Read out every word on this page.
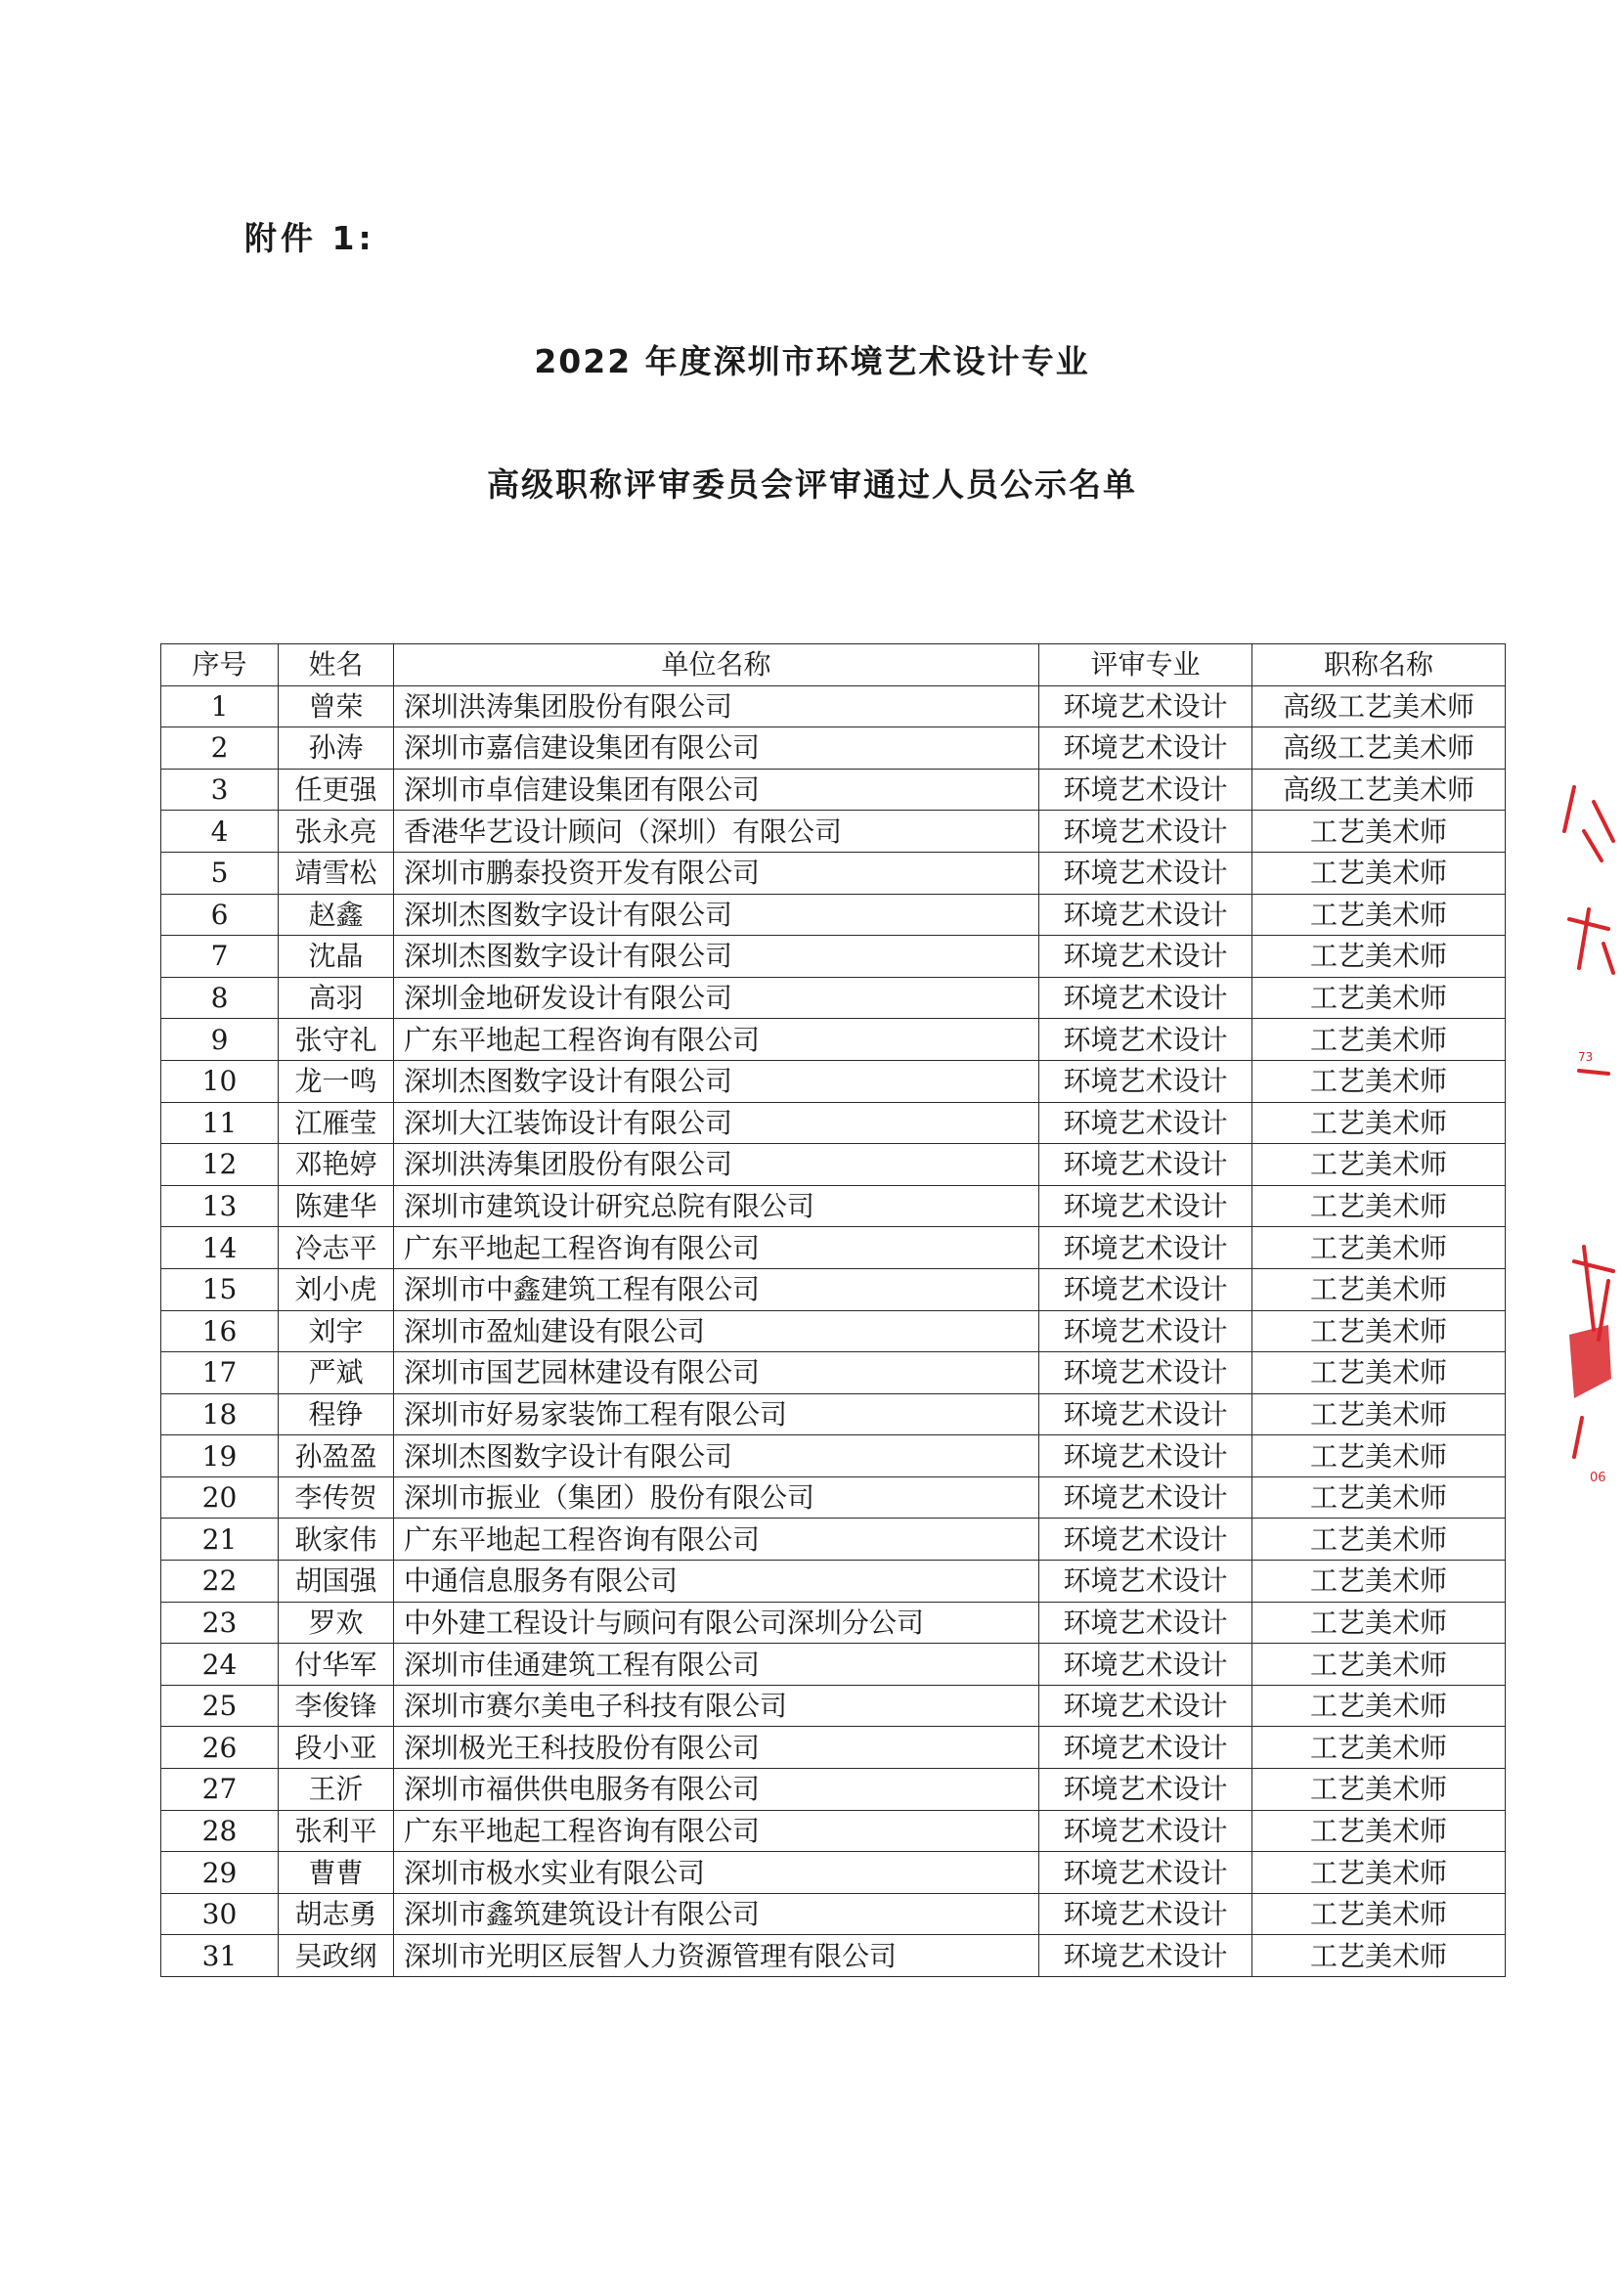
附件 1:
2022 年度深圳市环境艺术设计专业
高级职称评审委员会评审通过人员公示名单
序号	姓名	单位名称	评审专业	职称名称
1	曾荣	深圳洪涛集团股份有限公司	环境艺术设计	高级工艺美术师
2	孙涛	深圳市嘉信建设集团有限公司	环境艺术设计	高级工艺美术师
3	任更强	深圳市卓信建设集团有限公司	环境艺术设计	高级工艺美术师
4	张永亮	香港华艺设计顾问（深圳）有限公司	环境艺术设计	工艺美术师
5	靖雪松	深圳市鹏泰投资开发有限公司	环境艺术设计	工艺美术师
6	赵鑫	深圳杰图数字设计有限公司	环境艺术设计	工艺美术师
7	沈晶	深圳杰图数字设计有限公司	环境艺术设计	工艺美术师
8	高羽	深圳金地研发设计有限公司	环境艺术设计	工艺美术师
9	张守礼	广东平地起工程咨询有限公司	环境艺术设计	工艺美术师
10	龙一鸣	深圳杰图数字设计有限公司	环境艺术设计	工艺美术师
11	江雁莹	深圳大江装饰设计有限公司	环境艺术设计	工艺美术师
12	邓艳婷	深圳洪涛集团股份有限公司	环境艺术设计	工艺美术师
13	陈建华	深圳市建筑设计研究总院有限公司	环境艺术设计	工艺美术师
14	冷志平	广东平地起工程咨询有限公司	环境艺术设计	工艺美术师
15	刘小虎	深圳市中鑫建筑工程有限公司	环境艺术设计	工艺美术师
16	刘宇	深圳市盈灿建设有限公司	环境艺术设计	工艺美术师
17	严斌	深圳市国艺园林建设有限公司	环境艺术设计	工艺美术师
18	程铮	深圳市好易家装饰工程有限公司	环境艺术设计	工艺美术师
19	孙盈盈	深圳杰图数字设计有限公司	环境艺术设计	工艺美术师
20	李传贺	深圳市振业（集团）股份有限公司	环境艺术设计	工艺美术师
21	耿家伟	广东平地起工程咨询有限公司	环境艺术设计	工艺美术师
22	胡国强	中通信息服务有限公司	环境艺术设计	工艺美术师
23	罗欢	中外建工程设计与顾问有限公司深圳分公司	环境艺术设计	工艺美术师
24	付华军	深圳市佳通建筑工程有限公司	环境艺术设计	工艺美术师
25	李俊锋	深圳市赛尔美电子科技有限公司	环境艺术设计	工艺美术师
26	段小亚	深圳极光王科技股份有限公司	环境艺术设计	工艺美术师
27	王沂	深圳市福供供电服务有限公司	环境艺术设计	工艺美术师
28	张利平	广东平地起工程咨询有限公司	环境艺术设计	工艺美术师
29	曹曹	深圳市极水实业有限公司	环境艺术设计	工艺美术师
30	胡志勇	深圳市鑫筑建筑设计有限公司	环境艺术设计	工艺美术师
31	吴政纲	深圳市光明区辰智人力资源管理有限公司	环境艺术设计	工艺美术师
73
06
